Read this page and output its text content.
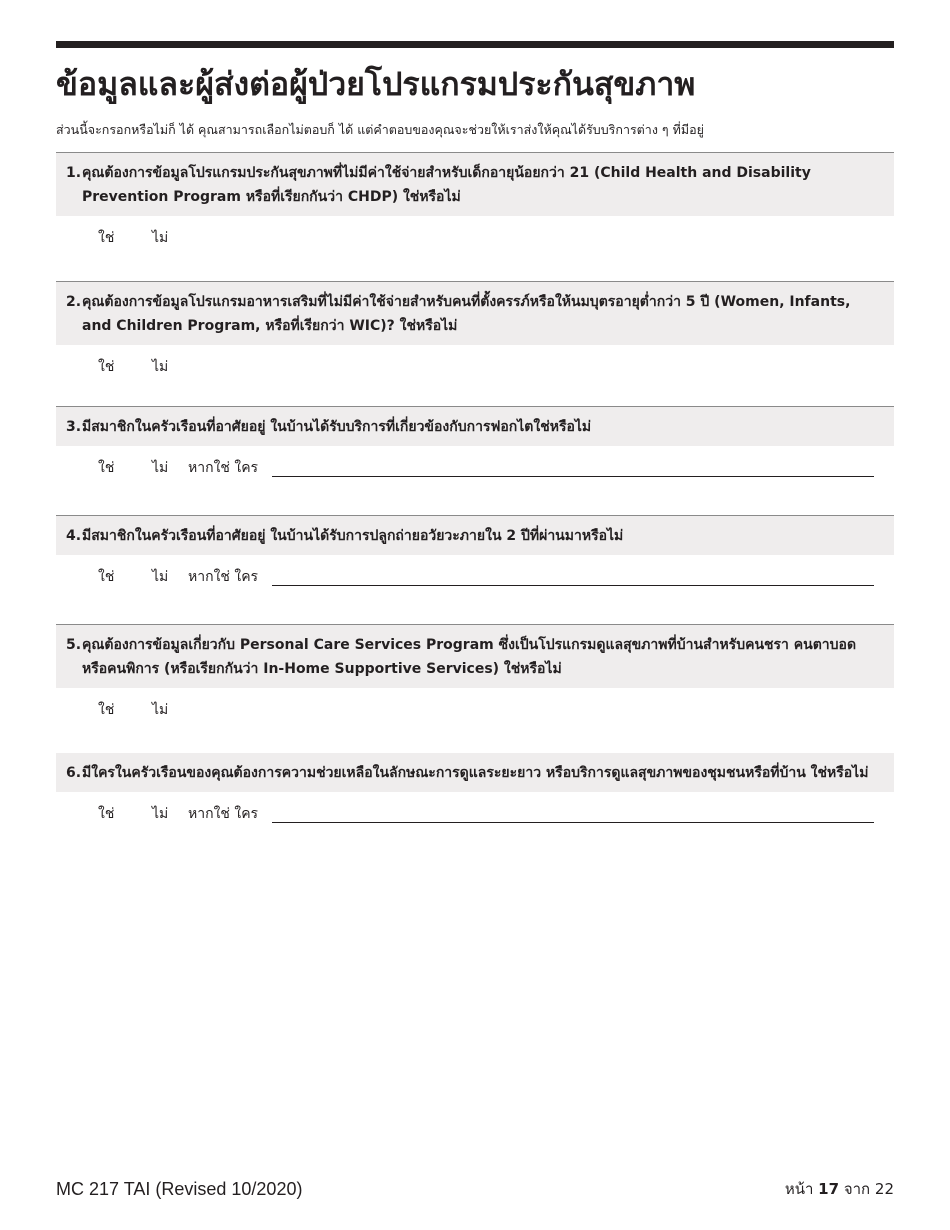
ข้อมูลและผู้ส่งต่อผู้ป่วยโปรแกรมประกันสุขภาพ
ส่วนนี้จะกรอกหรือไม่ก็ ได้ คุณสามารถเลือกไม่ตอบก็ ได้ แต่คำตอบของคุณจะช่วยให้เราส่งให้คุณได้รับบริการต่าง ๆ ที่มีอยู่
1. คุณต้องการข้อมูลโปรแกรมประกันสุขภาพที่ไม่มีค่าใช้จ่ายสำหรับเด็กอายุน้อยกว่า 21 (Child Health and Disability Prevention Program หรือที่เรียกกันว่า CHDP) ใช่หรือไม่
ใช่	ไม่
2. คุณต้องการข้อมูลโปรแกรมอาหารเสริมที่ไม่มีค่าใช้จ่ายสำหรับคนที่ตั้งครรภ์หรือให้นมบุตรอายุต่ำกว่า 5 ปี (Women, Infants, and Children Program, หรือที่เรียกว่า WIC)? ใช่หรือไม่
ใช่	ไม่
3. มีสมาชิกในครัวเรือนที่อาศัยอยู่ ในบ้านได้รับบริการที่เกี่ยวข้องกับการฟอกไตใช่หรือไม่
ใช่	ไม่ หากใช่ ใคร
4. มีสมาชิกในครัวเรือนที่อาศัยอยู่ ในบ้านได้รับการปลูกถ่ายอวัยวะภายใน 2 ปีที่ผ่านมาหรือไม่
ใช่	ไม่ หากใช่ ใคร
5. คุณต้องการข้อมูลเกี่ยวกับ Personal Care Services Program ซึ่งเป็นโปรแกรมดูแลสุขภาพที่บ้านสำหรับคนชรา คนตาบอด หรือคนพิการ (หรือเรียกกันว่า In-Home Supportive Services) ใช่หรือไม่
ใช่	ไม่
6. มีใครในครัวเรือนของคุณต้องการความช่วยเหลือในลักษณะการดูแลระยะยาว หรือบริการดูแลสุขภาพของชุมชนหรือที่บ้าน ใช่หรือไม่
ใช่	ไม่ หากใช่ ใคร
MC 217 TAI (Revised 10/2020)	หน้า 17 จาก 22
